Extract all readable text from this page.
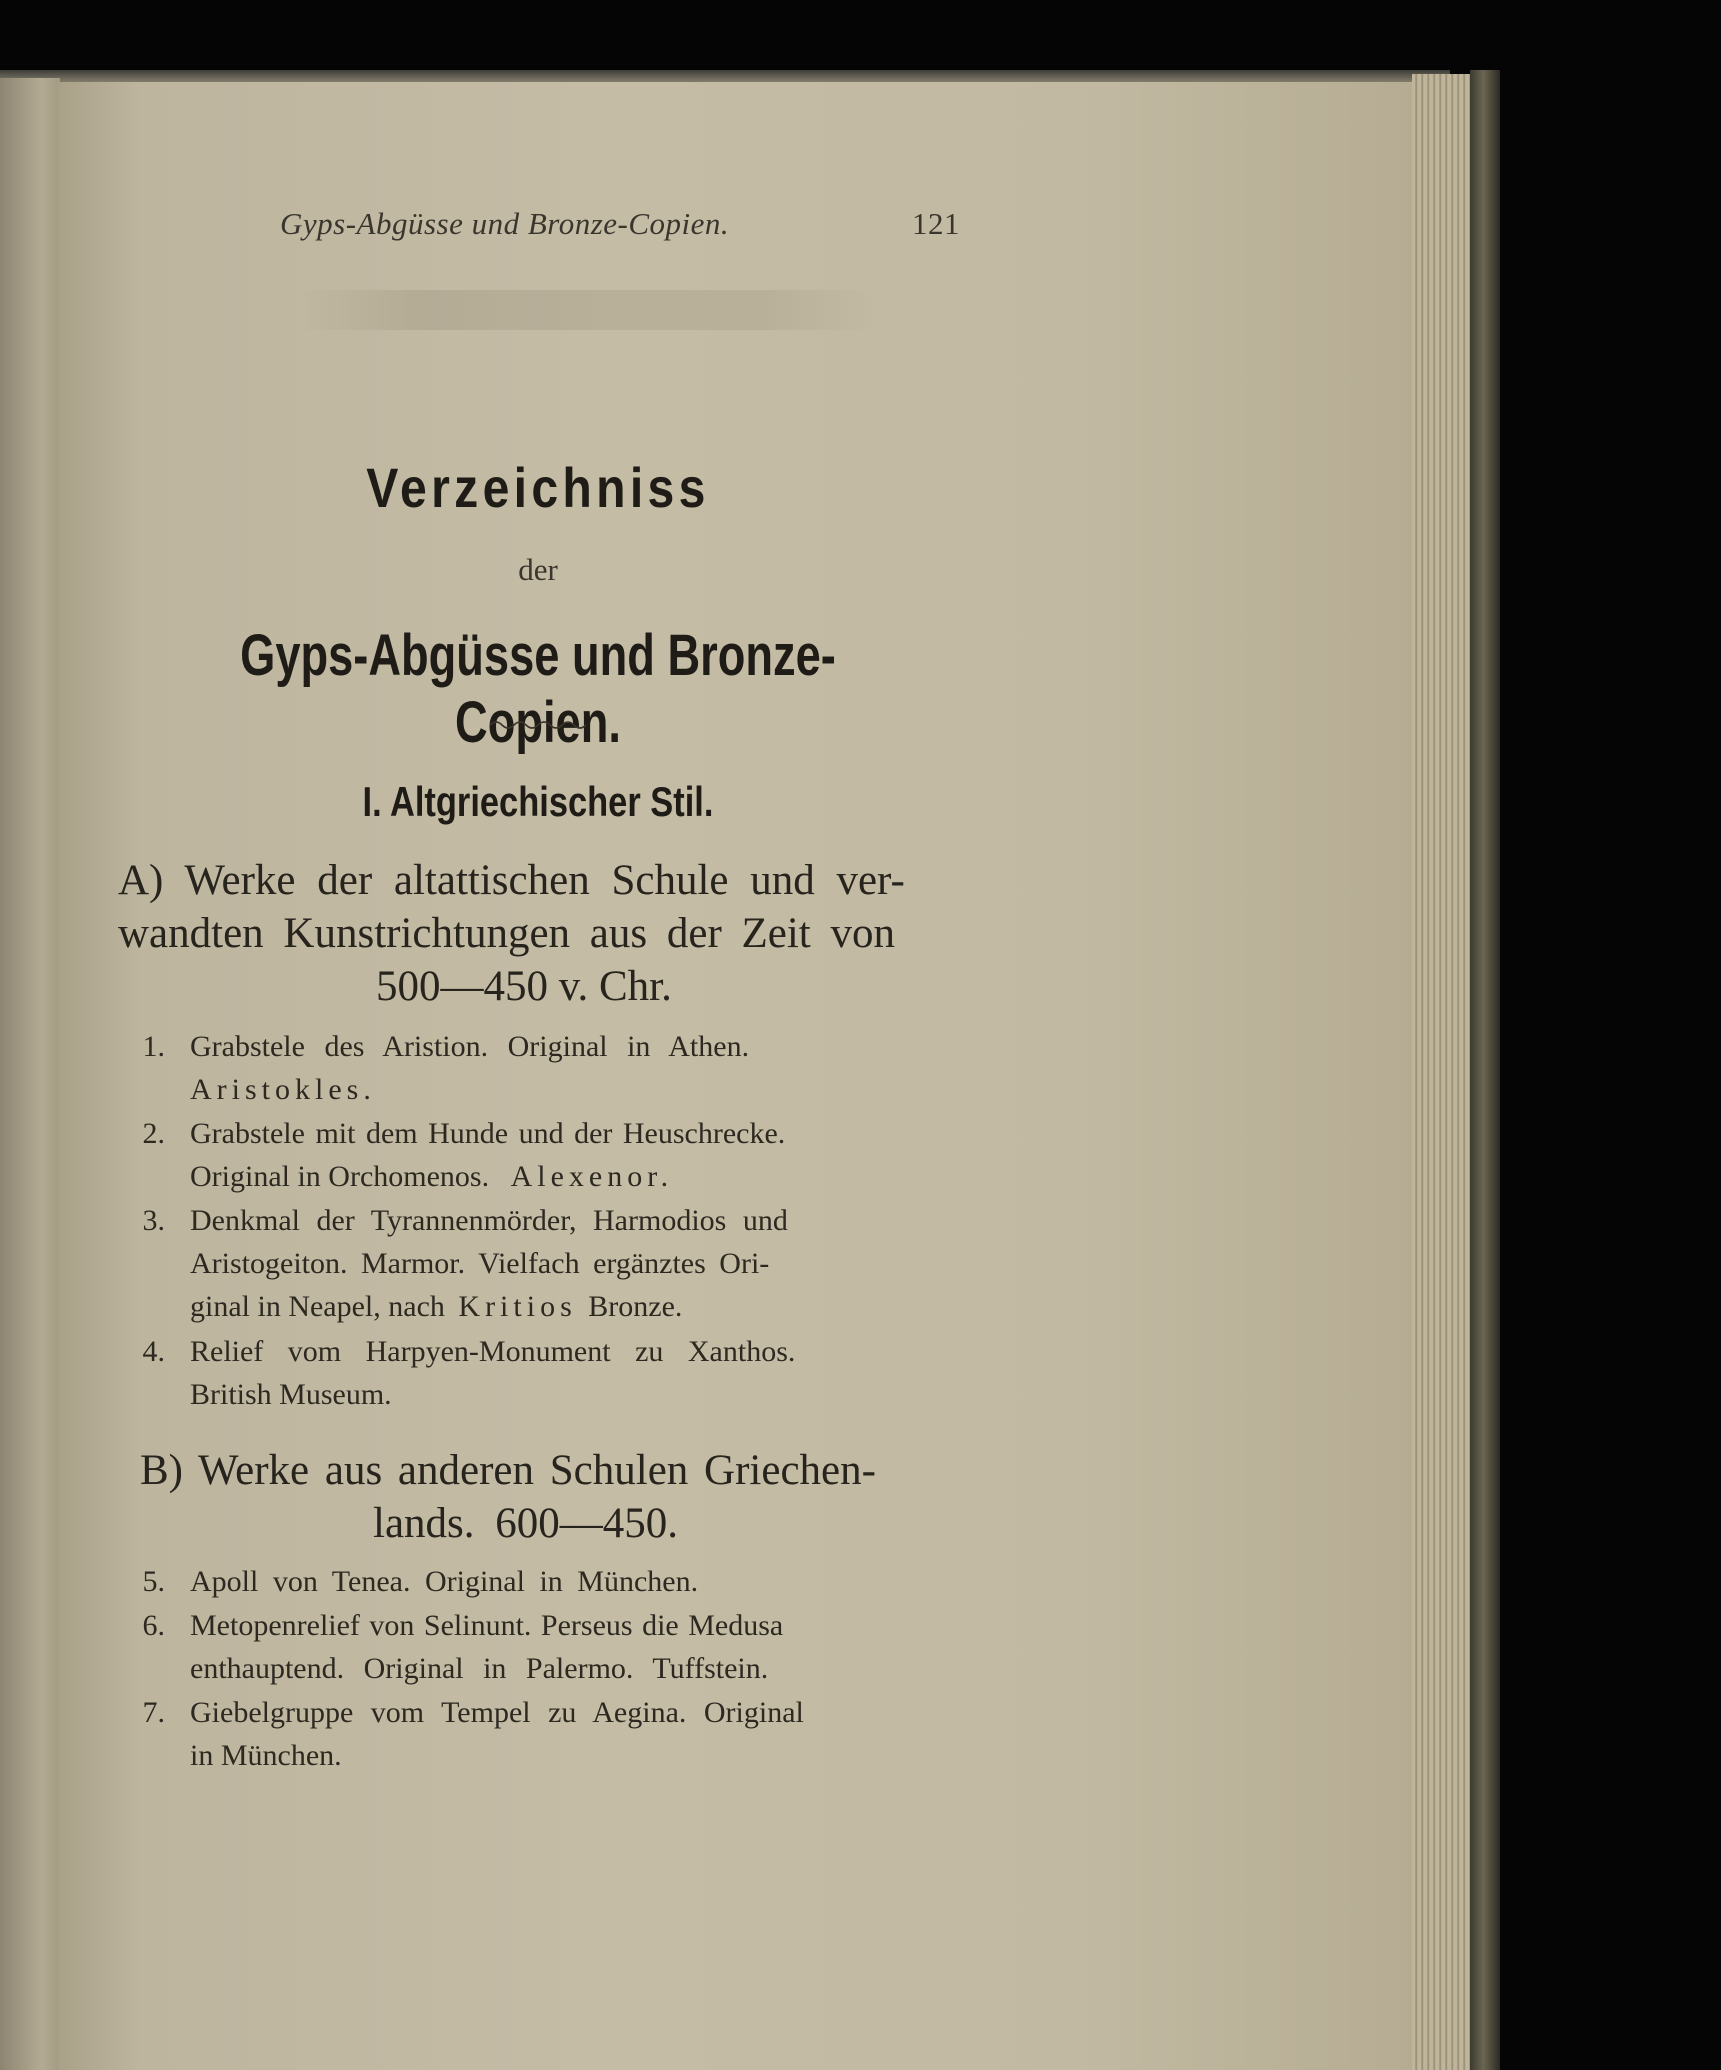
Gyps-Abgüsse und Bronze-Copien.	121
Verzeichniss
der
Gyps-Abgüsse und Bronze-Copien.
I. Altgriechischer Stil.
A) Werke der altattischen Schule und ver-
wandten Kunstrichtungen aus der Zeit von
500—450 v. Chr.
1. Grabstele des Aristion. Original in Athen.
Aristokles.
2. Grabstele mit dem Hunde und der Heuschrecke.
Original in Orchomenos. Alexenor.
3. Denkmal der Tyrannenmörder, Harmodios und
Aristogeiton. Marmor. Vielfach ergänztes Ori-
ginal in Neapel, nach Kritios Bronze.
4. Relief vom Harpyen-Monument zu Xanthos.
British Museum.
B) Werke aus anderen Schulen Griechen-
lands. 600—450.
5. Apoll von Tenea. Original in München.
6. Metopenrelief von Selinunt. Perseus die Medusa
enthauptend. Original in Palermo. Tuffstein.
7. Giebelgruppe vom Tempel zu Aegina. Original
in München.
